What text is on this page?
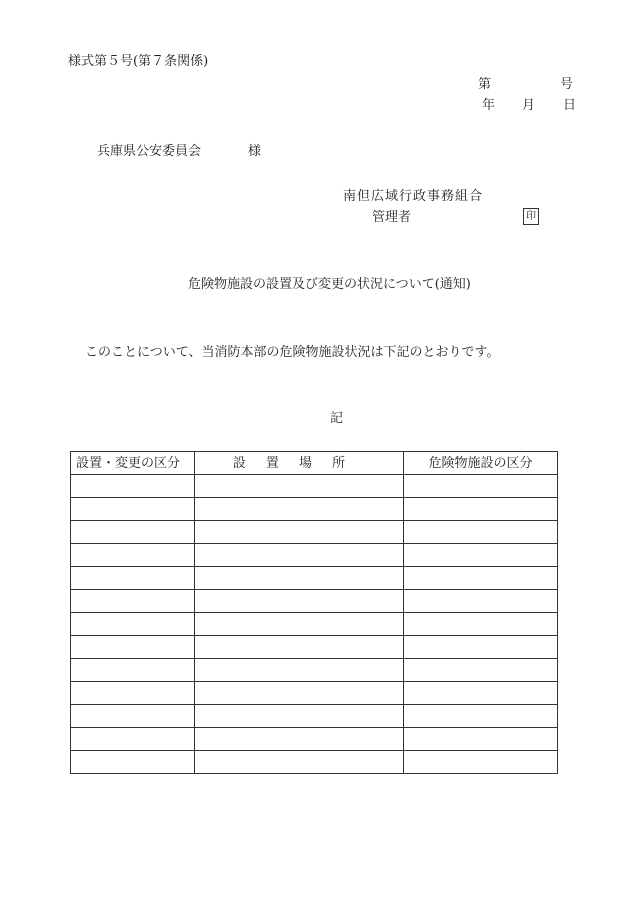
様式第５号(第７条関係)
第	号
年 月 日
兵庫県公安委員会	様
南但広域行政事務組合
管理者	印
危険物施設の設置及び変更の状況について(通知)
このことについて、当消防本部の危険物施設状況は下記のとおりです。
記
設置・変更の区分	設置場所	危険物施設の区分
